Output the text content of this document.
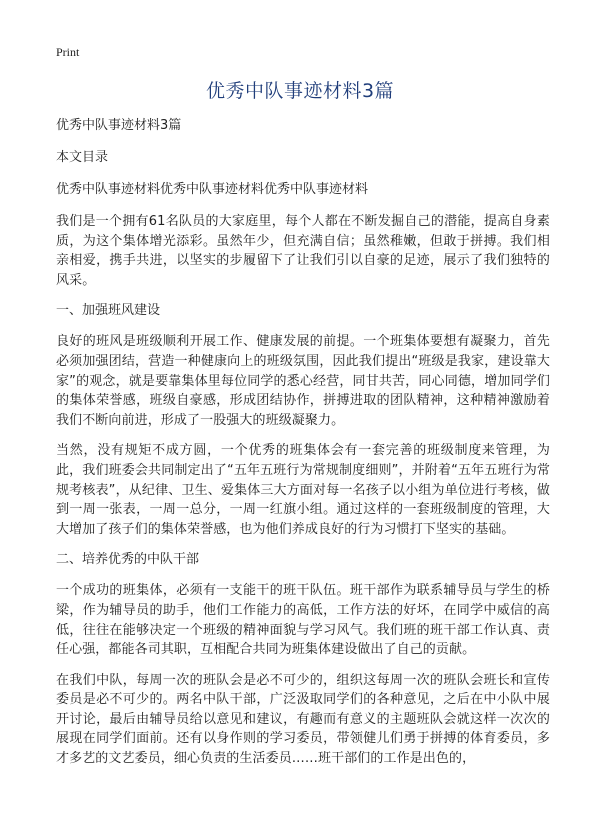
Print
优秀中队事迹材料3篇

优秀中队事迹材料3篇

本文目录

优秀中队事迹材料优秀中队事迹材料优秀中队事迹材料

我们是一个拥有61名队员的大家庭里，每个人都在不断发掘自己的潜能，提高自身素质，为这个集体增光添彩。虽然年少，但充满自信；虽然稚嫩，但敢于拼搏。我们相亲相爱，携手共进，以坚实的步履留下了让我们引以自豪的足迹，展示了我们独特的风采。

一、加强班风建设

良好的班风是班级顺利开展工作、健康发展的前提。一个班集体要想有凝聚力，首先必须加强团结，营造一种健康向上的班级氛围，因此我们提出“班级是我家，建设靠大家”的观念，就是要靠集体里每位同学的悉心经营，同甘共苦，同心同德，增加同学们的集体荣誉感，班级自豪感，形成团结协作，拼搏进取的团队精神，这种精神激励着我们不断向前进，形成了一股强大的班级凝聚力。

当然，没有规矩不成方圆，一个优秀的班集体会有一套完善的班级制度来管理，为此，我们班委会共同制定出了“五年五班行为常规制度细则”，并附着“五年五班行为常规考核表”，从纪律、卫生、爱集体三大方面对每一名孩子以小组为单位进行考核，做到一周一张表，一周一总分，一周一红旗小组。通过这样的一套班级制度的管理，大大增加了孩子们的集体荣誉感，也为他们养成良好的行为习惯打下坚实的基础。

二、培养优秀的中队干部

一个成功的班集体，必须有一支能干的班干队伍。班干部作为联系辅导员与学生的桥梁，作为辅导员的助手，他们工作能力的高低，工作方法的好坏，在同学中威信的高低，往往在能够决定一个班级的精神面貌与学习风气。我们班的班干部工作认真、责任心强，都能各司其职，互相配合共同为班集体建设做出了自己的贡献。

在我们中队，每周一次的班队会是必不可少的，组织这每周一次的班队会班长和宣传委员是必不可少的。两名中队干部，广泛汲取同学们的各种意见，之后在中小队中展开讨论，最后由辅导员给以意见和建议，有趣而有意义的主题班队会就这样一次次的展现在同学们面前。还有以身作则的学习委员，带领健儿们勇于拼搏的体育委员，多才多艺的文艺委员，细心负责的生活委员……班干部们的工作是出色的，
